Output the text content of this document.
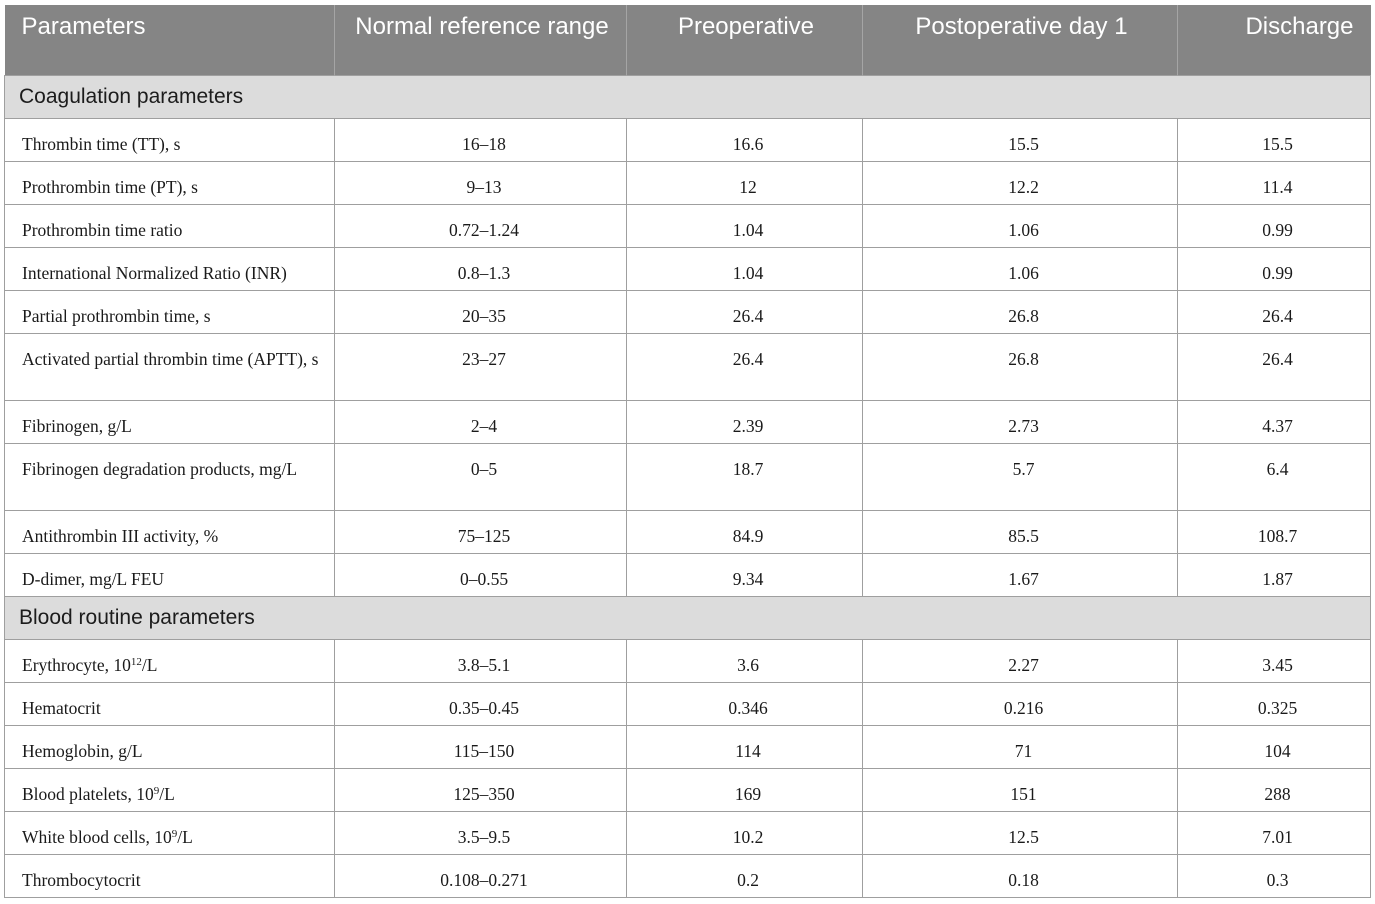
Parameters	Normal reference range	Preoperative	Postoperative day 1	Discharge
Coagulation parameters				
Thrombin time (TT), s	16–18	16.6	15.5	15.5
Prothrombin time (PT), s	9–13	12	12.2	11.4
Prothrombin time ratio	0.72–1.24	1.04	1.06	0.99
International Normalized Ratio (INR)	0.8–1.3	1.04	1.06	0.99
Partial prothrombin time, s	20–35	26.4	26.8	26.4
Activated partial thrombin time (APTT), s	23–27	26.4	26.8	26.4
Fibrinogen, g/L	2–4	2.39	2.73	4.37
Fibrinogen degradation products, mg/L	0–5	18.7	5.7	6.4
Antithrombin III activity, %	75–125	84.9	85.5	108.7
D-dimer, mg/L FEU	0–0.55	9.34	1.67	1.87
Blood routine parameters				
Erythrocyte, $10^{12}/L$	3.8–5.1	3.6	2.27	3.45
Hematocrit	0.35–0.45	0.346	0.216	0.325
Hemoglobin, g/L	115–150	114	71	104
Blood platelets, $10^9/L$	125–350	169	151	288
White blood cells, $10^9/L$	3.5–9.5	10.2	12.5	7.01
Thrombocytocrit	0.108–0.271	0.2	0.18	0.3
